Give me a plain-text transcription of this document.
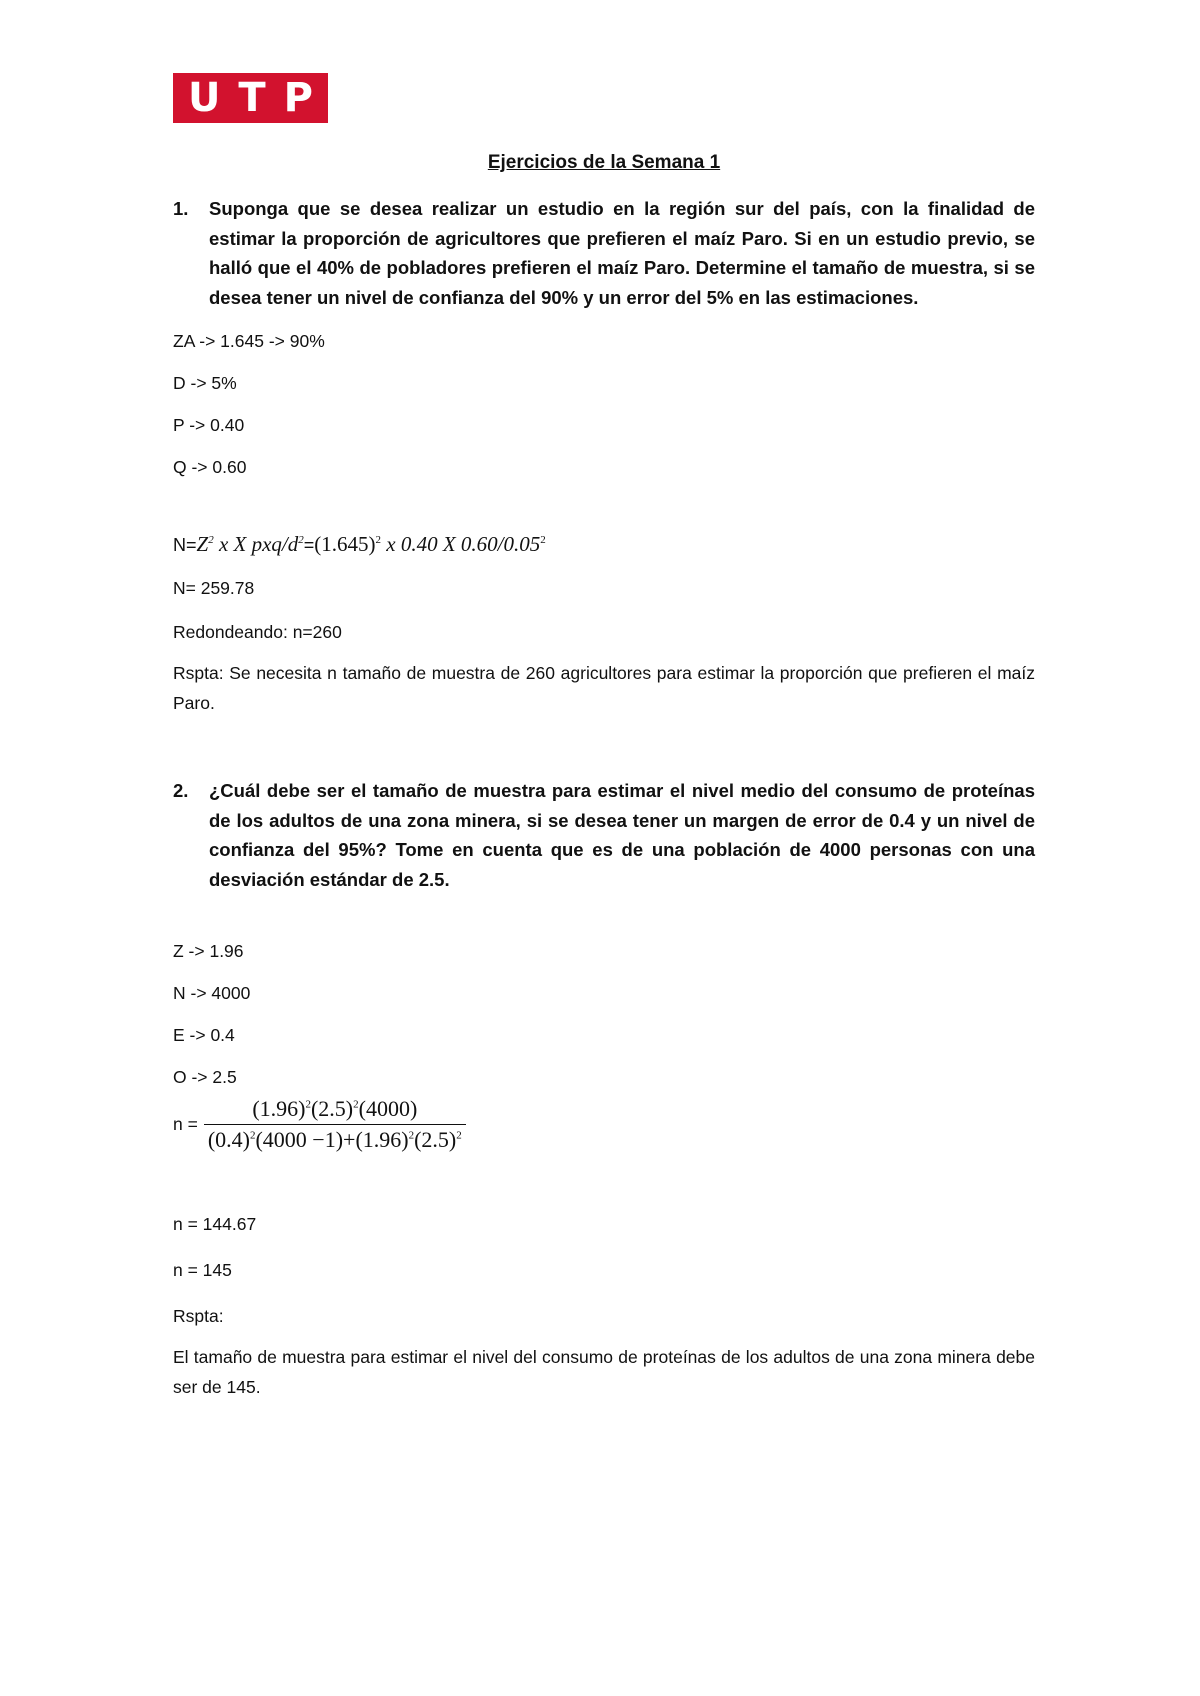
U T P
Ejercicios de la Semana 1
1.	Suponga que se desea realizar un estudio en la región sur del país, con la finalidad de estimar la proporción de agricultores que prefieren el maíz Paro. Si en un estudio previo, se halló que el 40% de pobladores prefieren el maíz Paro. Determine el tamaño de muestra, si se desea tener un nivel de confianza del 90% y un error del 5% en las estimaciones.

ZA -> 1.645 -> 90%

D -> 5%

P -> 0.40

Q -> 0.60

$N= Z^2$ x X pxq/$d^2 = (1.645)^2$ x 0.40 X 0.60/0.05$^2$

N= 259.78

Redondeando: n=260

Rspta: Se necesita n tamaño de muestra de 260 agricultores para estimar la proporción que prefieren el maíz Paro.

2.	¿Cuál debe ser el tamaño de muestra para estimar el nivel medio del consumo de proteínas de los adultos de una zona minera, si se desea tener un margen de error de 0.4 y un nivel de confianza del 95%? Tome en cuenta que es de una población de 4000 personas con una desviación estándar de 2.5.

Z -> 1.96

N -> 4000

E -> 0.4

O -> 2.5

$n = \frac{(1.96)^2(2.5)^2(4000)}{(0.4)^2(4000 -1)+(1.96)^2(2.5)^2}$

n = 144.67

n = 145

Rspta:

El tamaño de muestra para estimar el nivel del consumo de proteínas de los adultos de una zona minera debe ser de 145.
